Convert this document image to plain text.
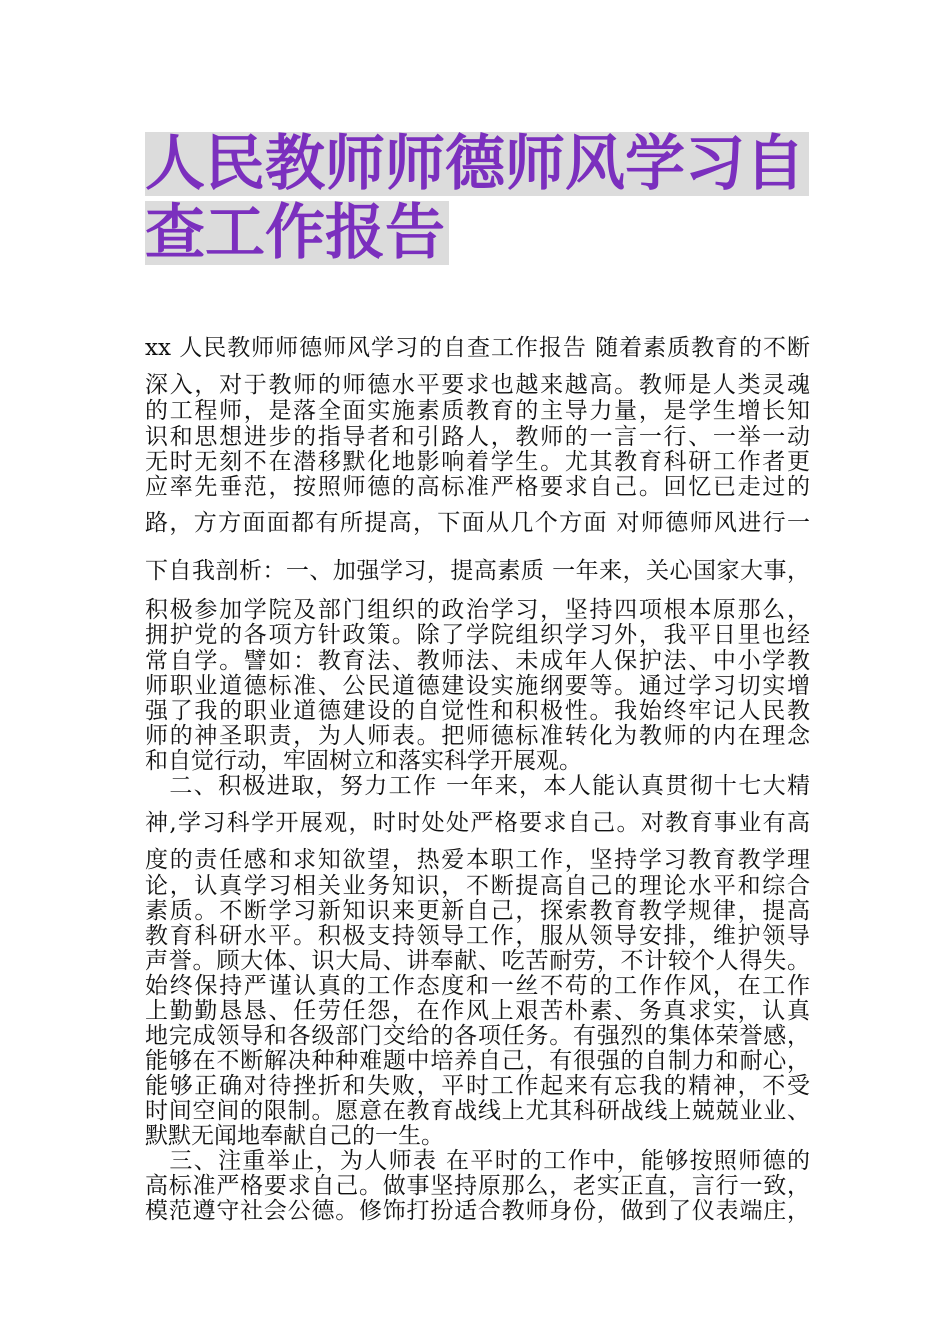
人民教师师德师风学习自
查工作报告
xx 人民教师师德师风学习的自查工作报告 随着素质教育的不断
深入，对于教师的师德水平要求也越来越高。教师是人类灵魂
的工程师，是落全面实施素质教育的主导力量，是学生增长知
识和思想进步的指导者和引路人，教师的一言一行、一举一动
无时无刻不在潜移默化地影响着学生。尤其教育科研工作者更
应率先垂范，按照师德的高标准严格要求自己。回忆已走过的
路，方方面面都有所提高，下面从几个方面 对师德师风进行一
下自我剖析：一、加强学习，提高素质 一年来，关心国家大事，
积极参加学院及部门组织的政治学习，坚持四项根本原那么，
拥护党的各项方针政策。除了学院组织学习外，我平日里也经
常自学。譬如：教育法、教师法、未成年人保护法、中小学教
师职业道德标准、公民道德建设实施纲要等。通过学习切实增
强了我的职业道德建设的自觉性和积极性。我始终牢记人民教
师的神圣职责，为人师表。把师德标准转化为教师的内在理念
和自觉行动，牢固树立和落实科学开展观。
　二、积极进取，努力工作 一年来，本人能认真贯彻十七大精
神,学习科学开展观，时时处处严格要求自己。对教育事业有高
度的责任感和求知欲望，热爱本职工作，坚持学习教育教学理
论，认真学习相关业务知识，不断提高自己的理论水平和综合
素质。不断学习新知识来更新自己，探索教育教学规律，提高
教育科研水平。积极支持领导工作，服从领导安排，维护领导
声誉。顾大体、识大局、讲奉献、吃苦耐劳，不计较个人得失。
始终保持严谨认真的工作态度和一丝不苟的工作作风，在工作
上勤勤恳恳、任劳任怨，在作风上艰苦朴素、务真求实，认真
地完成领导和各级部门交给的各项任务。有强烈的集体荣誉感，
能够在不断解决种种难题中培养自己，有很强的自制力和耐心，
能够正确对待挫折和失败，平时工作起来有忘我的精神，不受
时间空间的限制。愿意在教育战线上尤其科研战线上兢兢业业、
默默无闻地奉献自己的一生。
　三、注重举止，为人师表 在平时的工作中，能够按照师德的
高标准严格要求自己。做事坚持原那么，老实正直，言行一致，
模范遵守社会公德。修饰打扮适合教师身份，做到了仪表端庄，
